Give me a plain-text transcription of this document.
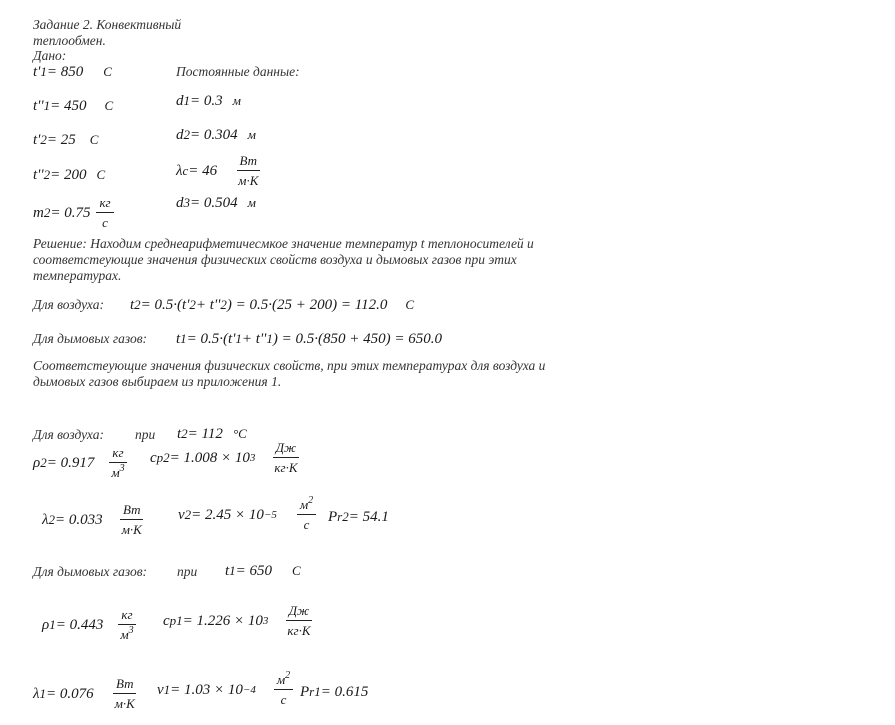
Задание 2. Конвективный
теплообмен.
Дано:
t' 1 = 850 C
t'' 1 = 450 C
t' 2 = 25 C
t'' 2 = 200 C
m $2 = 0.75 \frac{кг}{с}$
Постоянные данные:
d 1 = 0.3 м
d 2 = 0.304 м
λ $c = 46 \frac{Вт}{м\cdot К}$
d 3 = 0.504 м
Решение: Находим среднеарифметичесмкое значение температур t теплоносителей и соответстеующие значения физических свойств воздуха и дымовых газов при этих температурах.
Для воздуха: t 2 = 0.5·(t' 2 + t'' 2 ) = 0.5·(25 + 200) = 112.0 C
Для дымовых газов: t 1 = 0.5·(t' 1 + t'' 1 ) = 0.5·(850 + 450) = 650.0
Соответстеующие значения физических свойств, при этих температурах для воздуха и дымовых газов выбираем из приложения 1.
Для воздуха: при t 2 = 112 °C
ρ $2 = 0.917 \frac{кг}{м^3}$ c p2 = 1.008 × 10 $3 \frac{Дж}{кг\cdot К}$
λ $2 = 0.033 \frac{Вт}{м\cdot К}$ ν $2 = 2.45 \times 10 -5 \frac{м^2}{с}$ P r2 = 54.1
Для дымовых газов: при t 1 = 650 C
ρ $1 = 0.443 \frac{кг}{м^3}$ c p1 = 1.226 × 10 $3 \frac{Дж}{кг\cdot К}$
λ $1 = 0.076 \frac{Вт}{м\cdot К}$ ν $1 = 1.03 \times 10 -4 \frac{м^2}{с}$ P r1 = 0.615
